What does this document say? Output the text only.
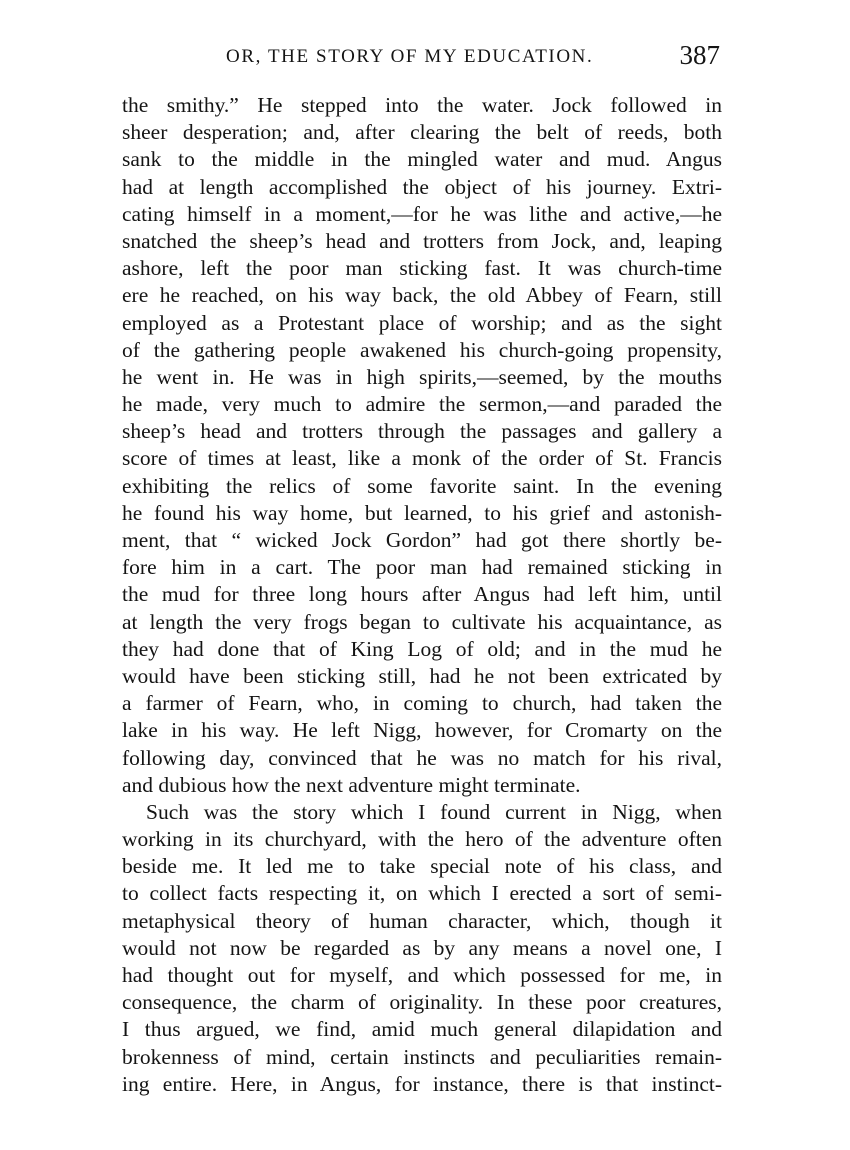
OR, THE STORY OF MY EDUCATION.	387
the smithy.” He stepped into the water. Jock followed in
sheer desperation; and, after clearing the belt of reeds, both
sank to the middle in the mingled water and mud. Angus
had at length accomplished the object of his journey. Extri-
cating himself in a moment,—for he was lithe and active,—he
snatched the sheep’s head and trotters from Jock, and, leaping
ashore, left the poor man sticking fast. It was church-time
ere he reached, on his way back, the old Abbey of Fearn, still
employed as a Protestant place of worship; and as the sight
of the gathering people awakened his church-going propensity,
he went in. He was in high spirits,—seemed, by the mouths
he made, very much to admire the sermon,—and paraded the
sheep’s head and trotters through the passages and gallery a
score of times at least, like a monk of the order of St. Francis
exhibiting the relics of some favorite saint. In the evening
he found his way home, but learned, to his grief and astonish-
ment, that “ wicked Jock Gordon” had got there shortly be-
fore him in a cart. The poor man had remained sticking in
the mud for three long hours after Angus had left him, until
at length the very frogs began to cultivate his acquaintance, as
they had done that of King Log of old; and in the mud he
would have been sticking still, had he not been extricated by
a farmer of Fearn, who, in coming to church, had taken the
lake in his way. He left Nigg, however, for Cromarty on the
following day, convinced that he was no match for his rival,
and dubious how the next adventure might terminate.
Such was the story which I found current in Nigg, when
working in its churchyard, with the hero of the adventure often
beside me. It led me to take special note of his class, and
to collect facts respecting it, on which I erected a sort of semi-
metaphysical theory of human character, which, though it
would not now be regarded as by any means a novel one, I
had thought out for myself, and which possessed for me, in
consequence, the charm of originality. In these poor creatures,
I thus argued, we find, amid much general dilapidation and
brokenness of mind, certain instincts and peculiarities remain-
ing entire. Here, in Angus, for instance, there is that instinct-
